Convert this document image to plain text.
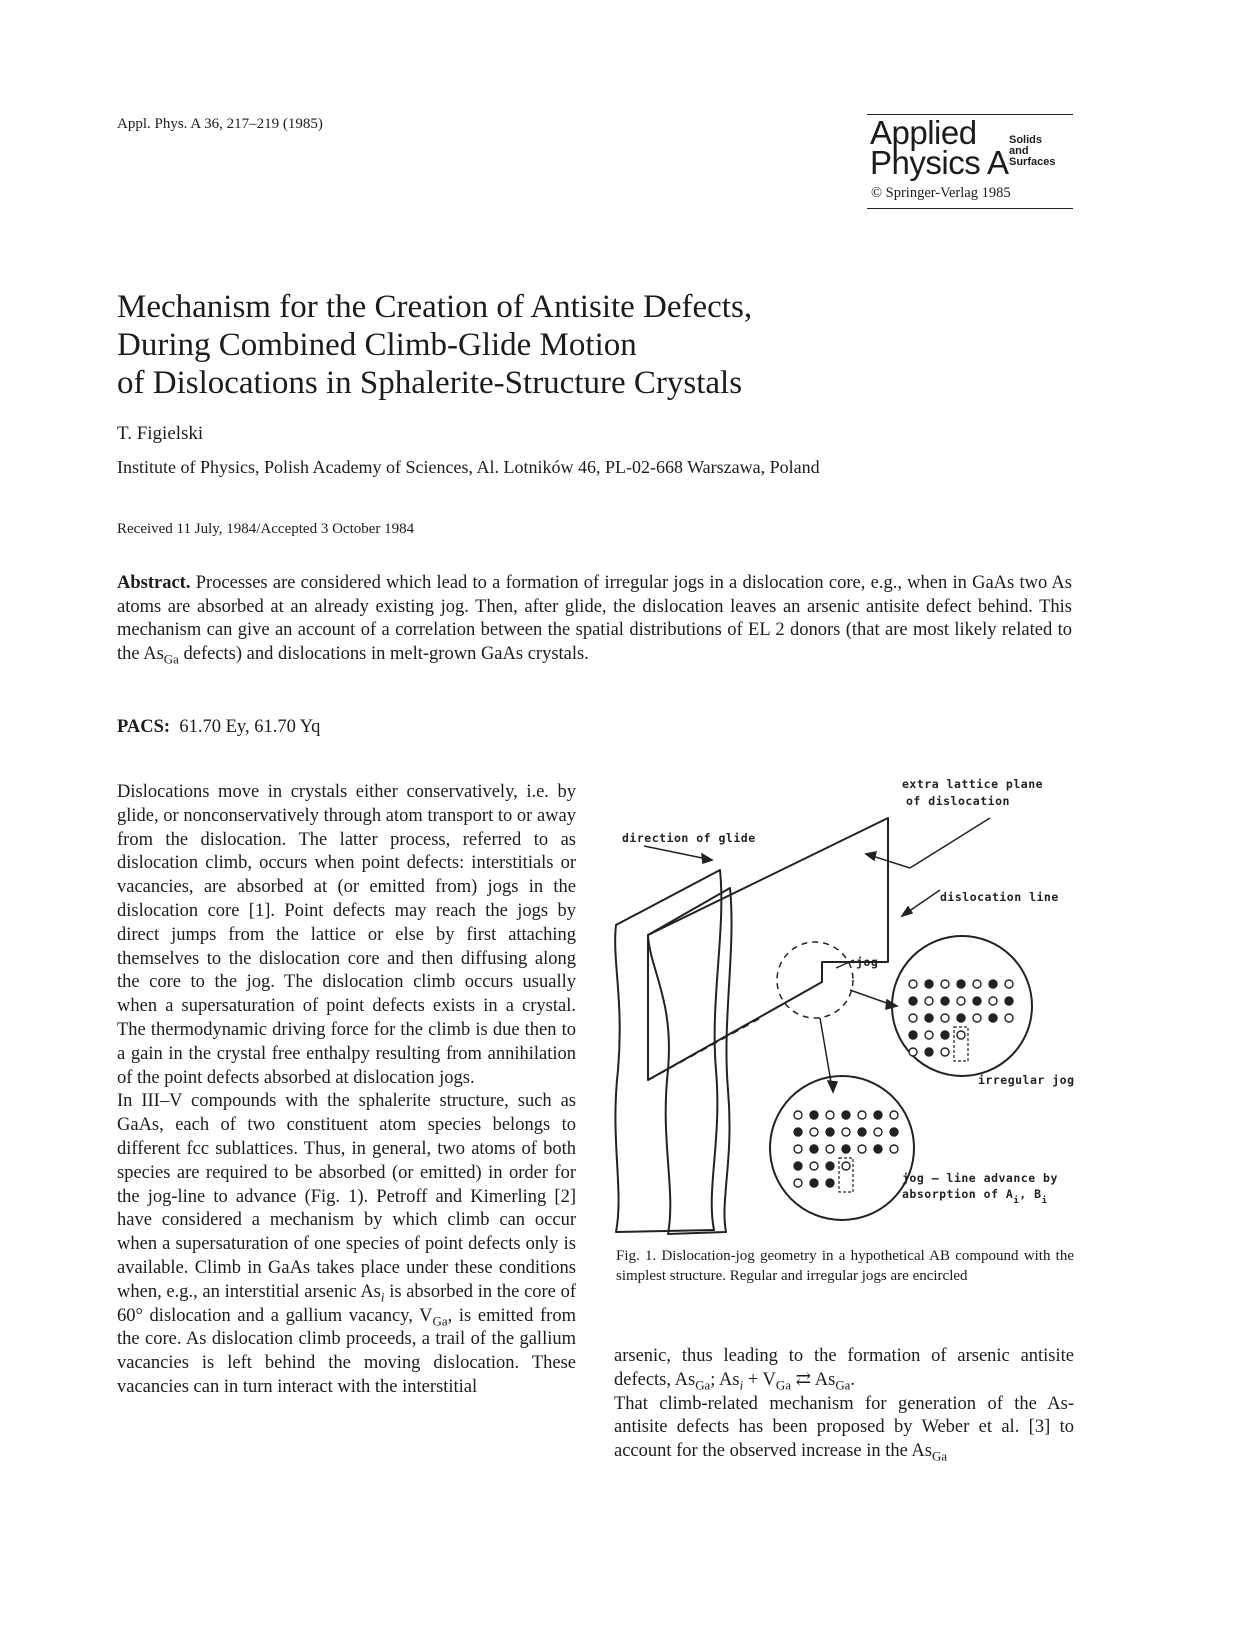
Appl. Phys. A 36, 217–219 (1985)	Applied
Physics A
Solids
and
Surfaces
© Springer-Verlag 1985
Mechanism for the Creation of Antisite Defects,
During Combined Climb-Glide Motion
of Dislocations in Sphalerite-Structure Crystals
T. Figielski
Institute of Physics, Polish Academy of Sciences, Al. Lotników 46, PL-02-668 Warszawa, Poland
Received 11 July, 1984/Accepted 3 October 1984
Abstract. Processes are considered which lead to a formation of irregular jogs in a dislocation core, e.g., when in GaAs two As atoms are absorbed at an already existing jog. Then, after glide, the dislocation leaves an arsenic antisite defect behind. This mechanism can give an account of a correlation between the spatial distributions of EL 2 donors (that are most likely related to the $As_{Ga}$ defects) and dislocations in melt-grown GaAs crystals.
PACS: 61.70 Ey, 61.70 Yq

Dislocations move in crystals either conservatively, i.e. by glide, or nonconservatively through atom transport to or away from the dislocation. The latter process, referred to as dislocation climb, occurs when point defects: interstitials or vacancies, are absorbed at (or emitted from) jogs in the dislocation core [1]. Point defects may reach the jogs by direct jumps from the lattice or else by first attaching themselves to the dislocation core and then diffusing along the core to the jog. The dislocation climb occurs usually when a supersaturation of point defects exists in a crystal. The thermodynamic driving force for the climb is due then to a gain in the crystal free enthalpy resulting from annihilation of the point defects absorbed at dislocation jogs.

In III–V compounds with the sphalerite structure, such as GaAs, each of two constituent atom species belongs to different fcc sublattices. Thus, in general, two atoms of both species are required to be absorbed (or emitted) in order for the jog-line to advance (Fig. 1). Petroff and Kimerling [2] have considered a mechanism by which climb can occur when a supersaturation of one species of point defects only is available. Climb in GaAs takes place under these conditions when, e.g., an interstitial arsenic $As_i$ is absorbed in the core of 60° dislocation and a gallium vacancy, $V_{Ga}$, is emitted from the core. As dislocation climb proceeds, a trail of the gallium vacancies is left behind the moving dislocation. These vacancies can in turn interact with the interstitial

extra lattice plane
of dislocation
direction of glide
dislocation line
jog
irregular jog
jog – line advance by
absorption of $A_i$, $B_i$
Fig. 1. Dislocation-jog geometry in a hypothetical AB compound with the simplest structure. Regular and irregular jogs are encircled

arsenic, thus leading to the formation of arsenic antisite defects, $As_{Ga}$; $As_i + V_{Ga}$ ⇄ $As_{Ga}$.

That climb-related mechanism for generation of the As-antisite defects has been proposed by Weber et al. [3] to account for the observed increase in the $As_{Ga}$
